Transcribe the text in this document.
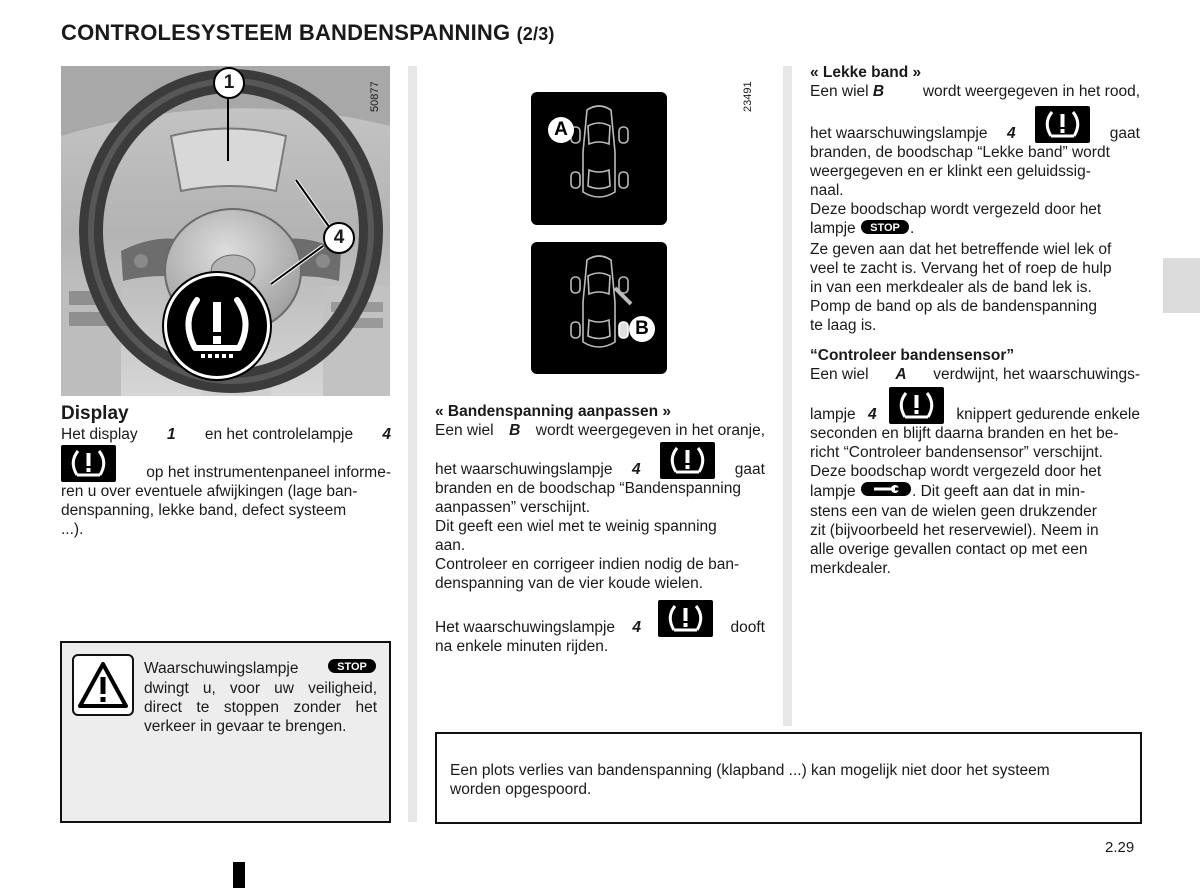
CONTROLESYSTEEM BANDENSPANNING (2/3)
1
4
50877
Display
Het display 1 en het controlelampje 4
op het instrumentenpaneel informe-
ren u over eventuele afwijkingen (lage ban-
denspanning, lekke band, defect systeem
...).
Waarschuwingslampje	STOP
dwingt u, voor uw veiligheid,
direct te stoppen zonder het
verkeer in gevaar te brengen.
A
B
23491
« Bandenspanning aanpassen »
Een wiel B wordt weergegeven in het oranje,
het waarschuwingslampje 4	gaat
branden en de boodschap “Bandenspanning
aanpassen” verschijnt.
Dit geeft een wiel met te weinig spanning
aan.
Controleer en corrigeer indien nodig de ban-
denspanning van de vier koude wielen.
Het waarschuwingslampje 4	dooft
na enkele minuten rijden.
« Lekke band »
Een wiel B	wordt weergegeven in het rood,
het waarschuwingslampje 4	gaat
branden, de boodschap “Lekke band” wordt
weergegeven en er klinkt een geluidssig-
naal.
Deze boodschap wordt vergezeld door het
lampje STOP .
Ze geven aan dat het betreffende wiel lek of
veel te zacht is. Vervang het of roep de hulp
in van een merkdealer als de band lek is.
Pomp de band op als de bandenspanning
te laag is.
“Controleer bandensensor”
Een wiel A verdwijnt, het waarschuwings-
lampje 4	knippert gedurende enkele
seconden en blijft daarna branden en het be-
richt “Controleer bandensensor” verschijnt.
Deze boodschap wordt vergezeld door het
lampje
	. Dit geeft aan dat in min-
stens een van de wielen geen drukzender
zit (bijvoorbeeld het reservewiel). Neem in
alle overige gevallen contact op met een
merkdealer.
Een plots verlies van bandenspanning (klapband ...) kan mogelijk niet door het systeem
worden opgespoord.
2.29
